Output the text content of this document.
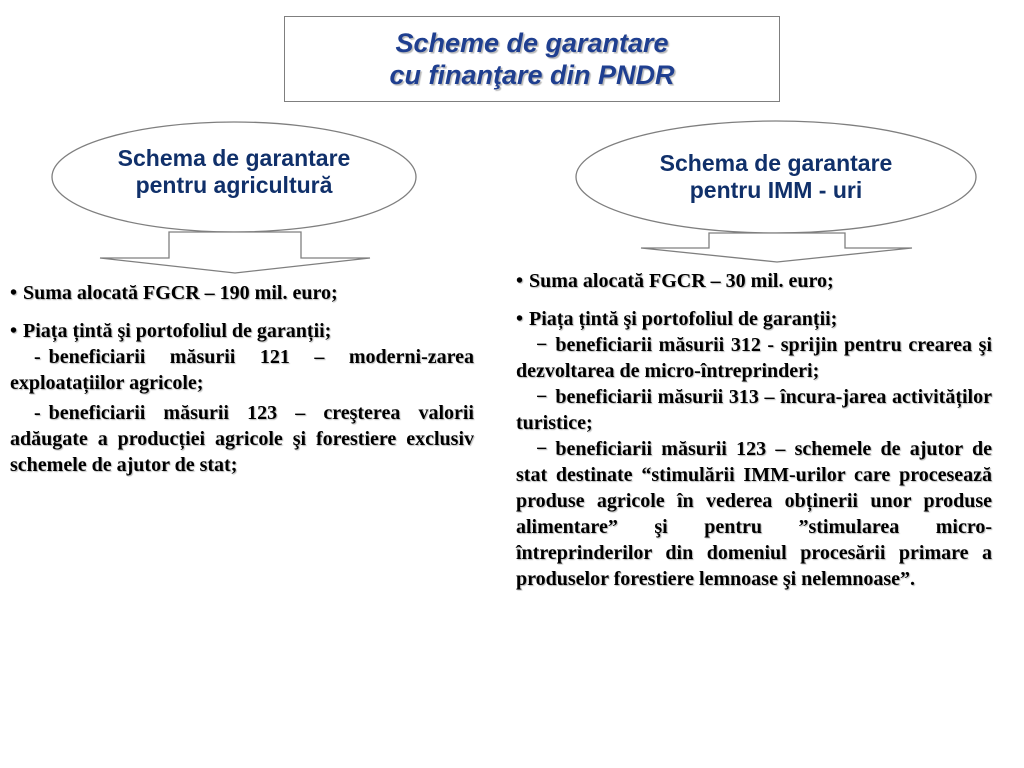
Scheme de garantare
cu finanţare din PNDR
Schema de garantare
pentru agricultură
Schema de garantare
pentru IMM - uri

• Suma alocată FGCR – 190 mil. euro;

• Piața țintă şi portofoliul de garanții;

- beneficiarii măsurii 121 – moderni-zarea exploatațiilor agricole;

- beneficiarii măsurii 123 – creşterea valorii adăugate a producției agricole şi forestiere exclusiv schemele de ajutor de stat;

• Suma alocată FGCR – 30 mil. euro;

• Piața țintă şi portofoliul de garanții;

− beneficiarii măsurii 312 - sprijin pentru crearea şi dezvoltarea de micro-întreprinderi;

− beneficiarii măsurii 313 – încura-jarea activităților turistice;

− beneficiarii măsurii 123 – schemele de ajutor de stat destinate “stimulării IMM-urilor care procesează produse agricole în vederea obținerii unor produse alimentare” şi pentru ”stimularea micro-întreprinderilor din domeniul procesării primare a produselor forestiere lemnoase şi nelemnoase”.
